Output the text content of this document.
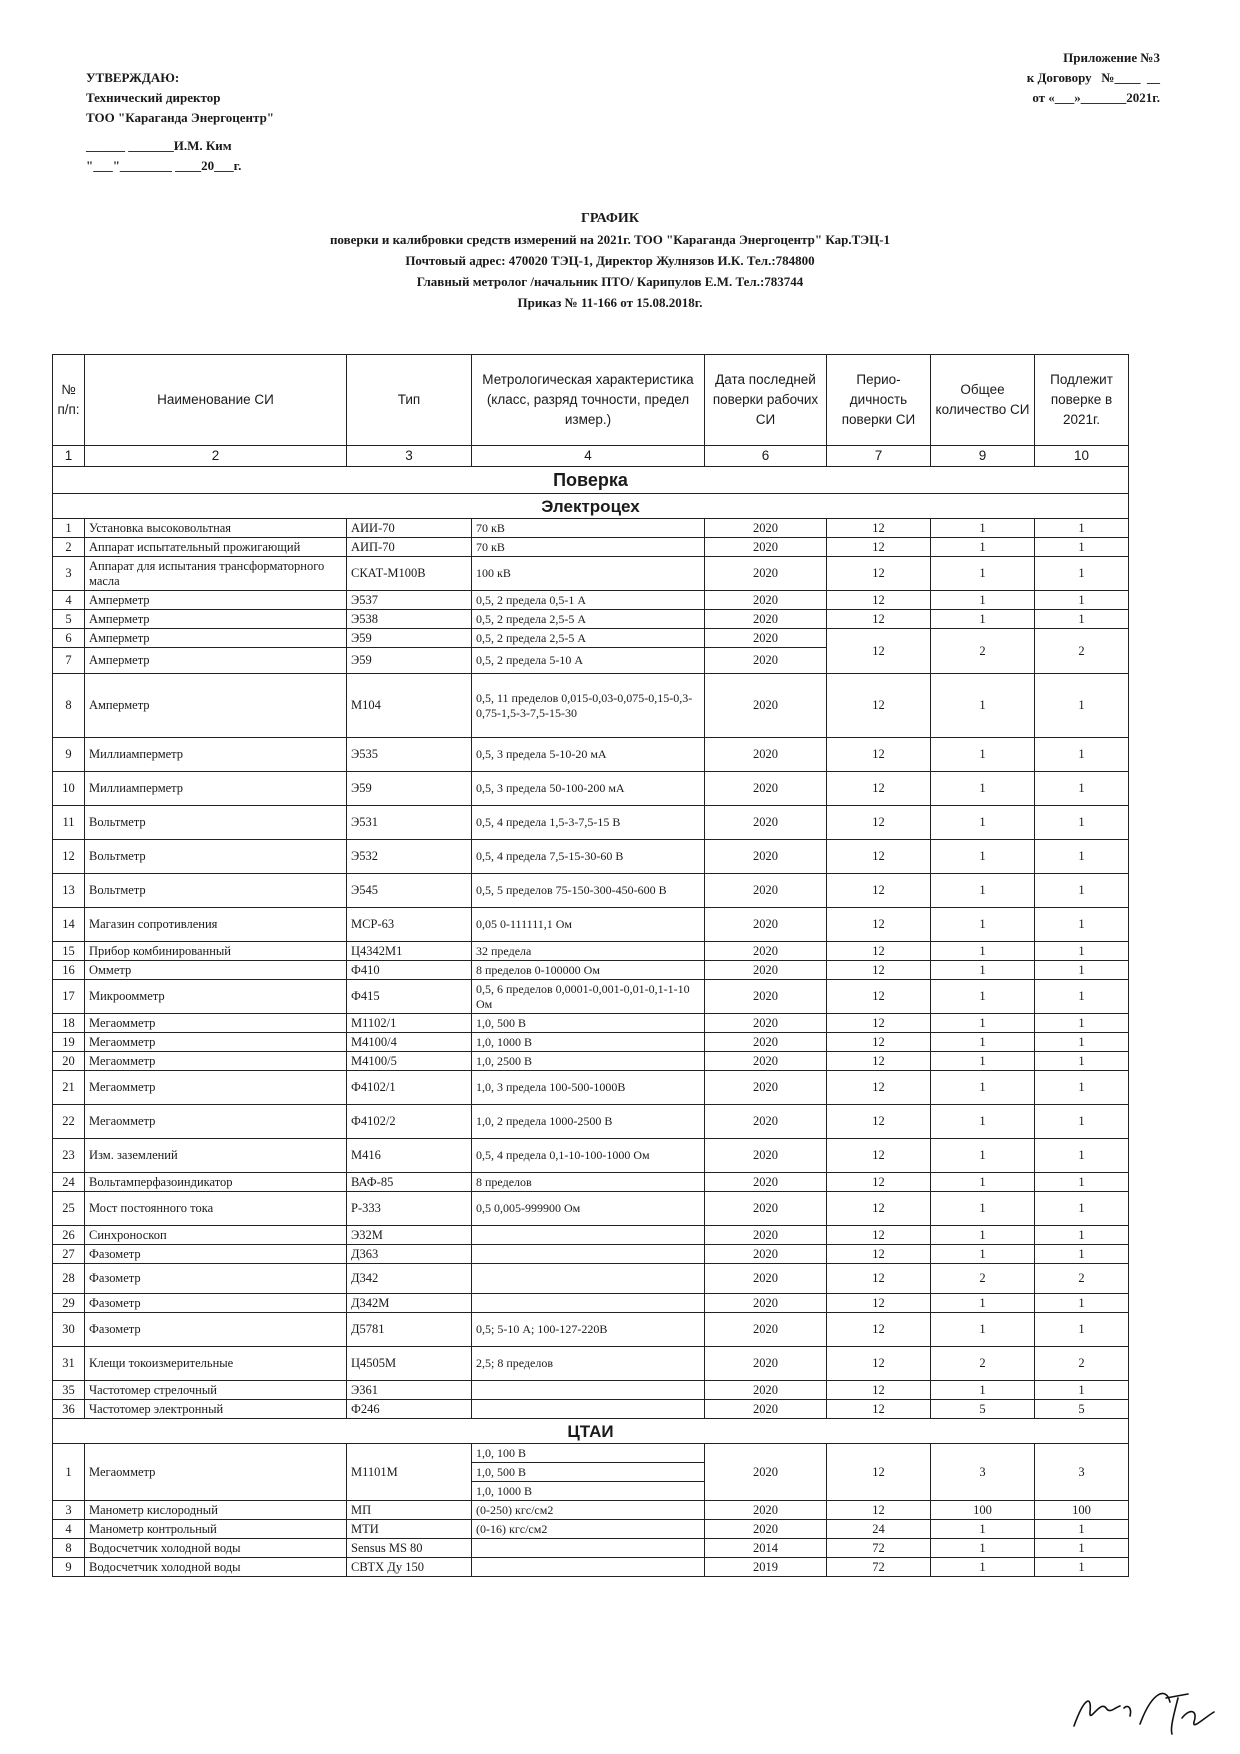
УТВЕРЖДАЮ:
Технический директор
ТОО "Караганда Энергоцентр"
______ _______И.М. Ким
"___"________ ____20___г.
Приложение №3
к Договору   №____  __
от «___»_______2021г.
ГРАФИК
поверки и калибровки средств измерений на 2021г. ТОО "Караганда Энергоцентр" Кар.ТЭЦ-1
Почтовый адрес: 470020 ТЭЦ-1, Директор Жулнязов И.К. Тел.:784800
Главный метролог /начальник ПТО/ Карипулов Е.М. Тел.:783744
Приказ № 11-166 от 15.08.2018г.
№ п/п:	Наименование СИ	Тип	Метрологическая характеристика (класс, разряд точности, предел измер.)	Дата последней поверки рабочих СИ	Перио-дичность поверки СИ	Общее количество СИ	Подлежит поверке в 2021г.
1	2	3	4	6	7	9	10
Поверка							
Электроцех							
1	Установка высоковольтная	АИИ-70	70 кВ	2020	12	1	1
2	Аппарат испытательный прожигающий	АИП-70	70 кВ	2020	12	1	1
3	Аппарат для испытания трансформаторного масла	СКАТ-М100В	100 кВ	2020	12	1	1
4	Амперметр	Э537	0,5, 2 предела 0,5-1 А	2020	12	1	1
5	Амперметр	Э538	0,5, 2 предела 2,5-5 А	2020	12	1	1
6	Амперметр	Э59	0,5, 2 предела 2,5-5 А	2020	12	2	2
7	Амперметр	Э59	0,5, 2 предела 5-10 А	2020			
8	Амперметр	М104	0,5, 11 пределов 0,015-0,03-0,075-0,15-0,3-0,75-1,5-3-7,5-15-30	2020	12	1	1
9	Миллиамперметр	Э535	0,5, 3 предела 5-10-20 мА	2020	12	1	1
10	Миллиамперметр	Э59	0,5, 3 предела 50-100-200 мА	2020	12	1	1
11	Вольтметр	Э531	0,5, 4 предела 1,5-3-7,5-15 В	2020	12	1	1
12	Вольтметр	Э532	0,5, 4 предела 7,5-15-30-60 В	2020	12	1	1
13	Вольтметр	Э545	0,5, 5 пределов 75-150-300-450-600 В	2020	12	1	1
14	Магазин сопротивления	МСР-63	0,05 0-111111,1 Ом	2020	12	1	1
15	Прибор комбинированный	Ц4342М1	32 предела	2020	12	1	1
16	Омметр	Ф410	8 пределов 0-100000 Ом	2020	12	1	1
17	Микроомметр	Ф415	0,5, 6 пределов 0,0001-0,001-0,01-0,1-1-10 Ом	2020	12	1	1
18	Мегаомметр	М1102/1	1,0, 500 В	2020	12	1	1
19	Мегаомметр	М4100/4	1,0, 1000 В	2020	12	1	1
20	Мегаомметр	М4100/5	1,0, 2500 В	2020	12	1	1
21	Мегаомметр	Ф4102/1	1,0, 3 предела 100-500-1000В	2020	12	1	1
22	Мегаомметр	Ф4102/2	1,0, 2 предела 1000-2500 В	2020	12	1	1
23	Изм. заземлений	М416	0,5, 4 предела 0,1-10-100-1000 Ом	2020	12	1	1
24	Вольтамперфазоиндикатор	ВАФ-85	8 пределов	2020	12	1	1
25	Мост постоянного тока	Р-333	0,5 0,005-999900 Ом	2020	12	1	1
26	Синхроноскоп	Э32М		2020	12	1	1
27	Фазометр	Д363		2020	12	1	1
28	Фазометр	Д342		2020	12	2	2
29	Фазометр	Д342М		2020	12	1	1
30	Фазометр	Д5781	0,5; 5-10 А; 100-127-220В	2020	12	1	1
31	Клещи токоизмерительные	Ц4505М	2,5; 8 пределов	2020	12	2	2
35	Частотомер стрелочный	Э361		2020	12	1	1
36	Частотомер электронный	Ф246		2020	12	5	5
ЦТАИ							
1	Мегаомметр	М1101М	1,0, 100 В	2020	12	3	3
			1,0, 500 В				
			1,0, 1000 В				
3	Манометр кислородный	МП	(0-250) кгс/см2	2020	12	100	100
4	Манометр контрольный	МТИ	(0-16) кгс/см2	2020	24	1	1
8	Водосчетчик холодной воды	Sensus MS 80		2014	72	1	1
9	Водосчетчик холодной воды	СВТХ Ду 150		2019	72	1	1
